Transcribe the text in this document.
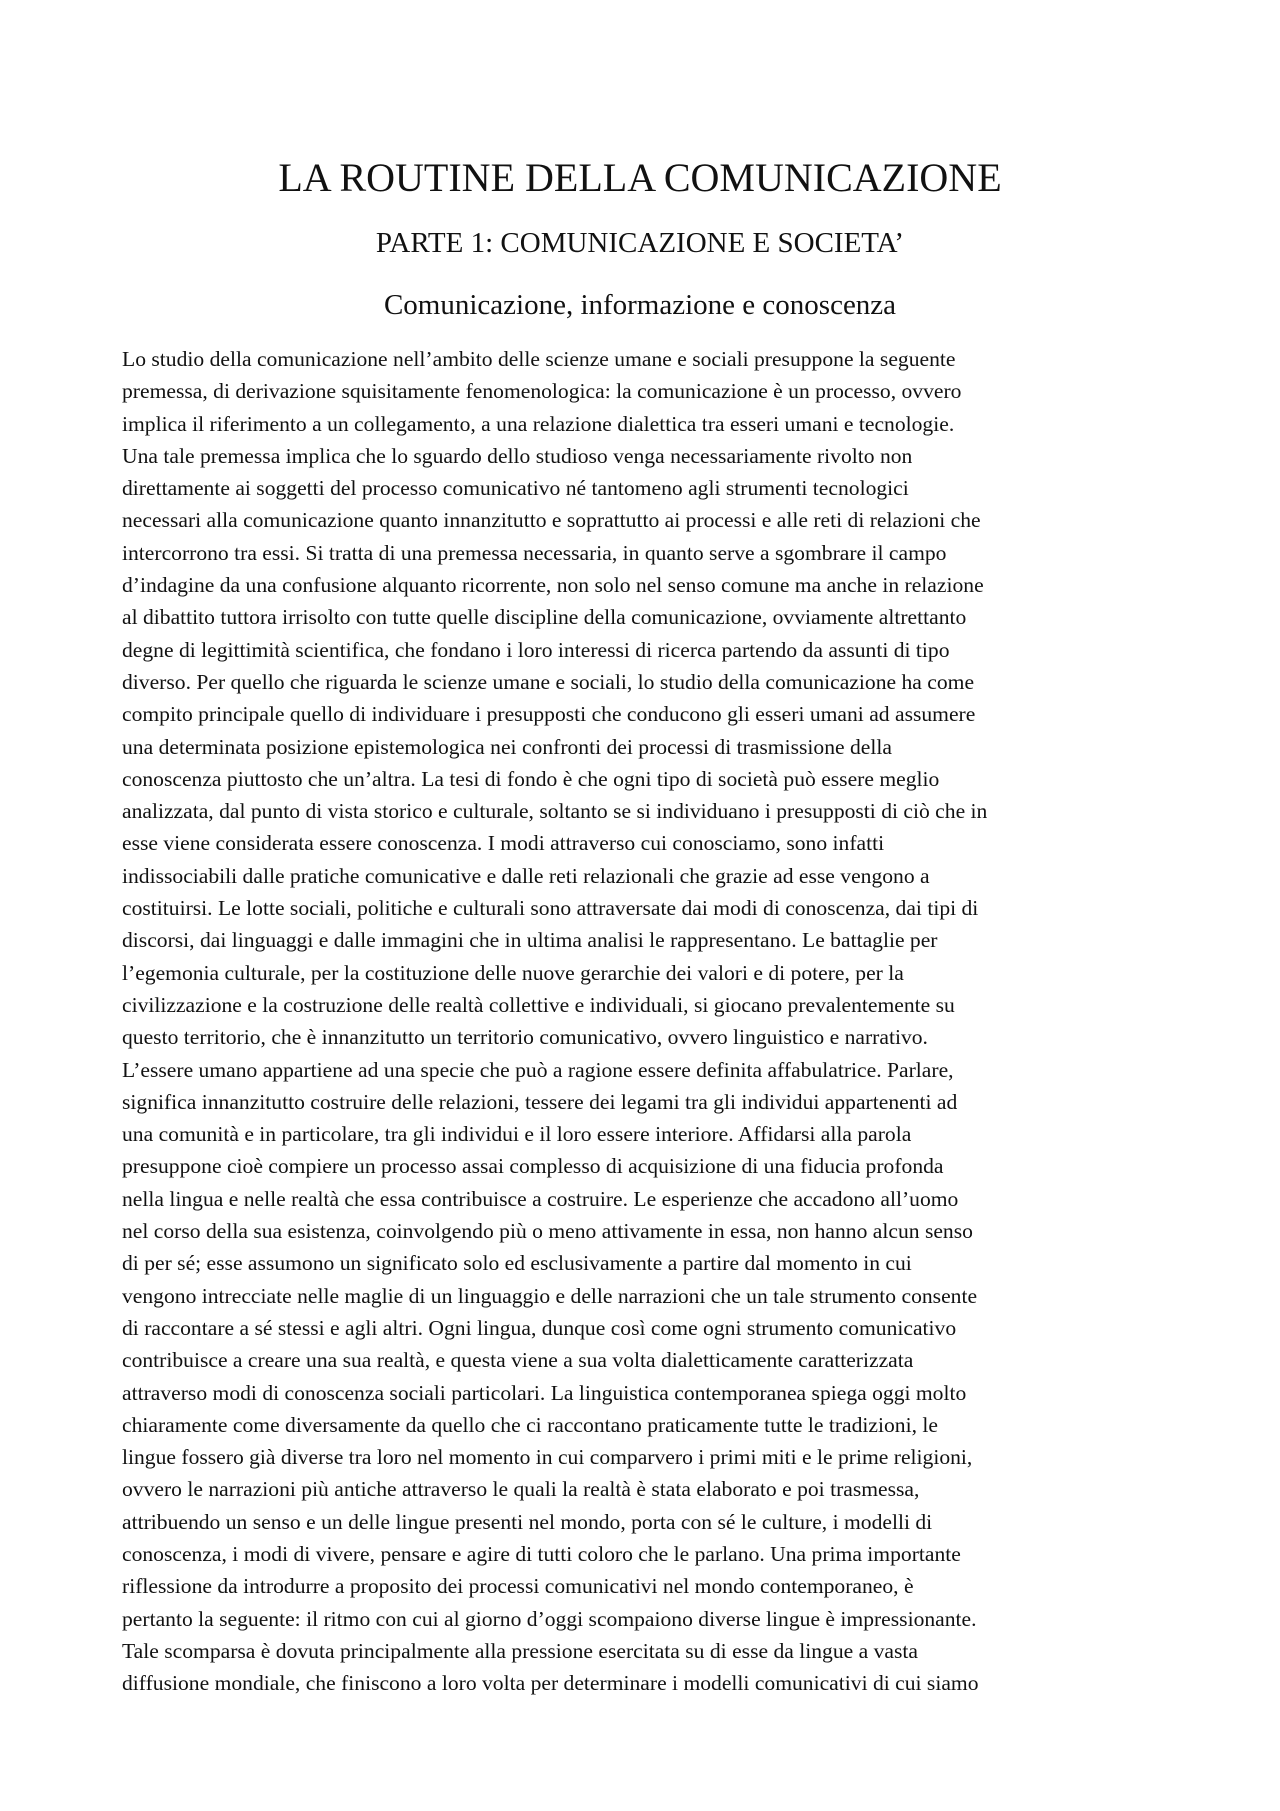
LA ROUTINE DELLA COMUNICAZIONE
PARTE 1: COMUNICAZIONE E SOCIETA’
Comunicazione, informazione e conoscenza
Lo studio della comunicazione nell’ambito delle scienze umane e sociali presuppone la seguente
premessa, di derivazione squisitamente fenomenologica: la comunicazione è un processo, ovvero
implica il riferimento a un collegamento, a una relazione dialettica tra esseri umani e tecnologie.
Una tale premessa implica che lo sguardo dello studioso venga necessariamente rivolto non
direttamente ai soggetti del processo comunicativo né tantomeno agli strumenti tecnologici
necessari alla comunicazione quanto innanzitutto e soprattutto ai processi e alle reti di relazioni che
intercorrono tra essi. Si tratta di una premessa necessaria, in quanto serve a sgombrare il campo
d’indagine da una confusione alquanto ricorrente, non solo nel senso comune ma anche in relazione
al dibattito tuttora irrisolto con tutte quelle discipline della comunicazione, ovviamente altrettanto
degne di legittimità scientifica, che fondano i loro interessi di ricerca partendo da assunti di tipo
diverso. Per quello che riguarda le scienze umane e sociali, lo studio della comunicazione ha come
compito principale quello di individuare i presupposti che conducono gli esseri umani ad assumere
una determinata posizione epistemologica nei confronti dei processi di trasmissione della
conoscenza piuttosto che un’altra. La tesi di fondo è che ogni tipo di società può essere meglio
analizzata, dal punto di vista storico e culturale, soltanto se si individuano i presupposti di ciò che in
esse viene considerata essere conoscenza. I modi attraverso cui conosciamo, sono infatti
indissociabili dalle pratiche comunicative e dalle reti relazionali che grazie ad esse vengono a
costituirsi. Le lotte sociali, politiche e culturali sono attraversate dai modi di conoscenza, dai tipi di
discorsi, dai linguaggi e dalle immagini che in ultima analisi le rappresentano. Le battaglie per
l’egemonia culturale, per la costituzione delle nuove gerarchie dei valori e di potere, per la
civilizzazione e la costruzione delle realtà collettive e individuali, si giocano prevalentemente su
questo territorio, che è innanzitutto un territorio comunicativo, ovvero linguistico e narrativo.
L’essere umano appartiene ad una specie che può a ragione essere definita affabulatrice. Parlare,
significa innanzitutto costruire delle relazioni, tessere dei legami tra gli individui appartenenti ad
una comunità e in particolare, tra gli individui e il loro essere interiore. Affidarsi alla parola
presuppone cioè compiere un processo assai complesso di acquisizione di una fiducia profonda
nella lingua e nelle realtà che essa contribuisce a costruire. Le esperienze che accadono all’uomo
nel corso della sua esistenza, coinvolgendo più o meno attivamente in essa, non hanno alcun senso
di per sé; esse assumono un significato solo ed esclusivamente a partire dal momento in cui
vengono intrecciate nelle maglie di un linguaggio e delle narrazioni che un tale strumento consente
di raccontare a sé stessi e agli altri. Ogni lingua, dunque così come ogni strumento comunicativo
contribuisce a creare una sua realtà, e questa viene a sua volta dialetticamente caratterizzata
attraverso modi di conoscenza sociali particolari. La linguistica contemporanea spiega oggi molto
chiaramente come diversamente da quello che ci raccontano praticamente tutte le tradizioni, le
lingue fossero già diverse tra loro nel momento in cui comparvero i primi miti e le prime religioni,
ovvero le narrazioni più antiche attraverso le quali la realtà è stata elaborato e poi trasmessa,
attribuendo un senso e un delle lingue presenti nel mondo, porta con sé le culture, i modelli di
conoscenza, i modi di vivere, pensare e agire di tutti coloro che le parlano. Una prima importante
riflessione da introdurre a proposito dei processi comunicativi nel mondo contemporaneo, è
pertanto la seguente: il ritmo con cui al giorno d’oggi scompaiono diverse lingue è impressionante.
Tale scomparsa è dovuta principalmente alla pressione esercitata su di esse da lingue a vasta
diffusione mondiale, che finiscono a loro volta per determinare i modelli comunicativi di cui siamo
